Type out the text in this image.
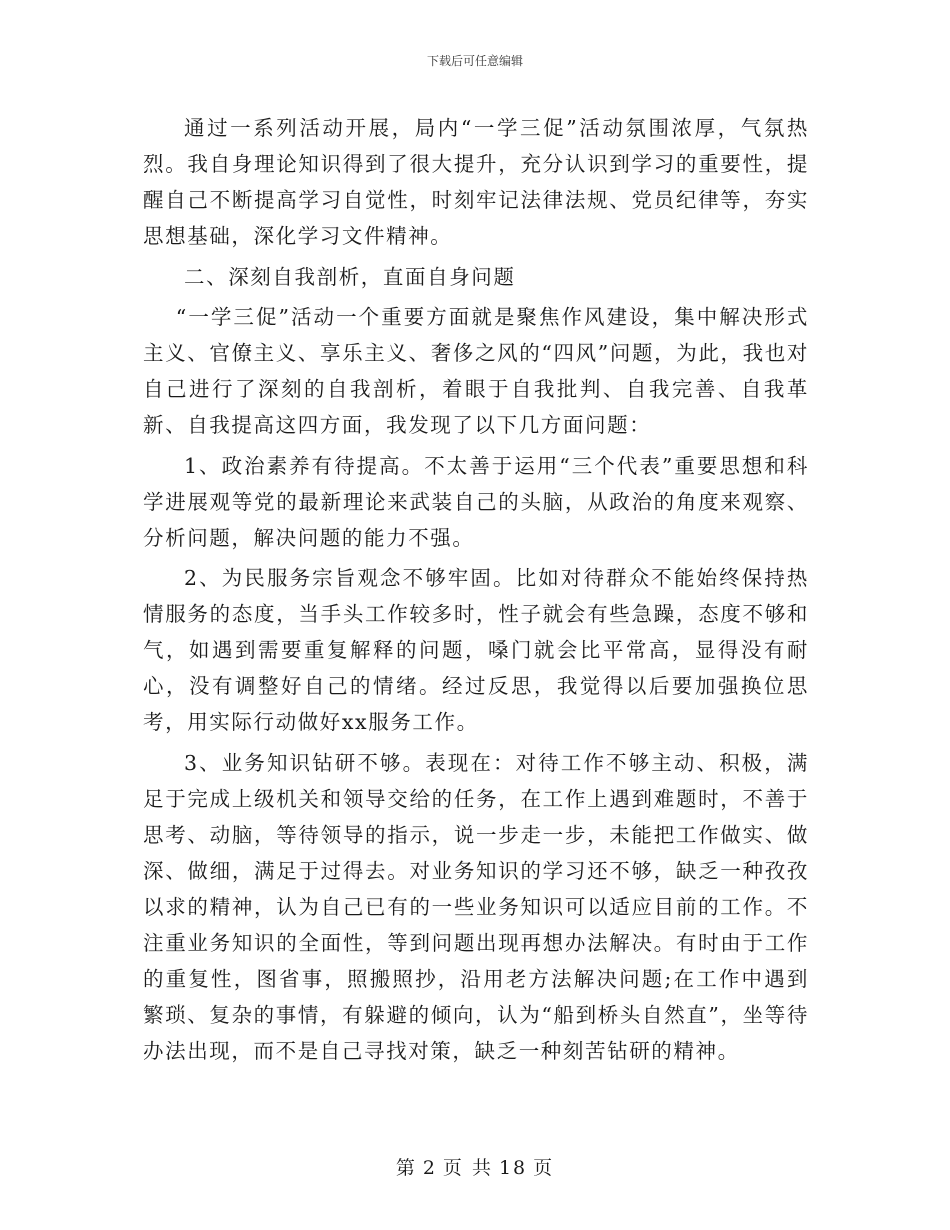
下载后可任意编辑

通过一系列活动开展，局内“一学三促”活动氛围浓厚，气氛热烈。我自身理论知识得到了很大提升，充分认识到学习的重要性，提醒自己不断提高学习自觉性，时刻牢记法律法规、党员纪律等，夯实思想基础，深化学习文件精神。

二、深刻自我剖析，直面自身问题

“一学三促”活动一个重要方面就是聚焦作风建设，集中解决形式主义、官僚主义、享乐主义、奢侈之风的“四风”问题，为此，我也对自己进行了深刻的自我剖析，着眼于自我批判、自我完善、自我革新、自我提高这四方面，我发现了以下几方面问题：

1、政治素养有待提高。不太善于运用“三个代表”重要思想和科学进展观等党的最新理论来武装自己的头脑，从政治的角度来观察、分析问题，解决问题的能力不强。

2、为民服务宗旨观念不够牢固。比如对待群众不能始终保持热情服务的态度，当手头工作较多时，性子就会有些急躁，态度不够和气，如遇到需要重复解释的问题，嗓门就会比平常高，显得没有耐心，没有调整好自己的情绪。经过反思，我觉得以后要加强换位思考，用实际行动做好xx服务工作。

3、业务知识钻研不够。表现在：对待工作不够主动、积极，满足于完成上级机关和领导交给的任务，在工作上遇到难题时，不善于思考、动脑，等待领导的指示，说一步走一步，未能把工作做实、做深、做细，满足于过得去。对业务知识的学习还不够，缺乏一种孜孜以求的精神，认为自己已有的一些业务知识可以适应目前的工作。不注重业务知识的全面性，等到问题出现再想办法解决。有时由于工作的重复性，图省事，照搬照抄，沿用老方法解决问题;在工作中遇到繁琐、复杂的事情，有躲避的倾向，认为“船到桥头自然直”，坐等待办法出现，而不是自己寻找对策，缺乏一种刻苦钻研的精神。

第 2 页 共 18 页
